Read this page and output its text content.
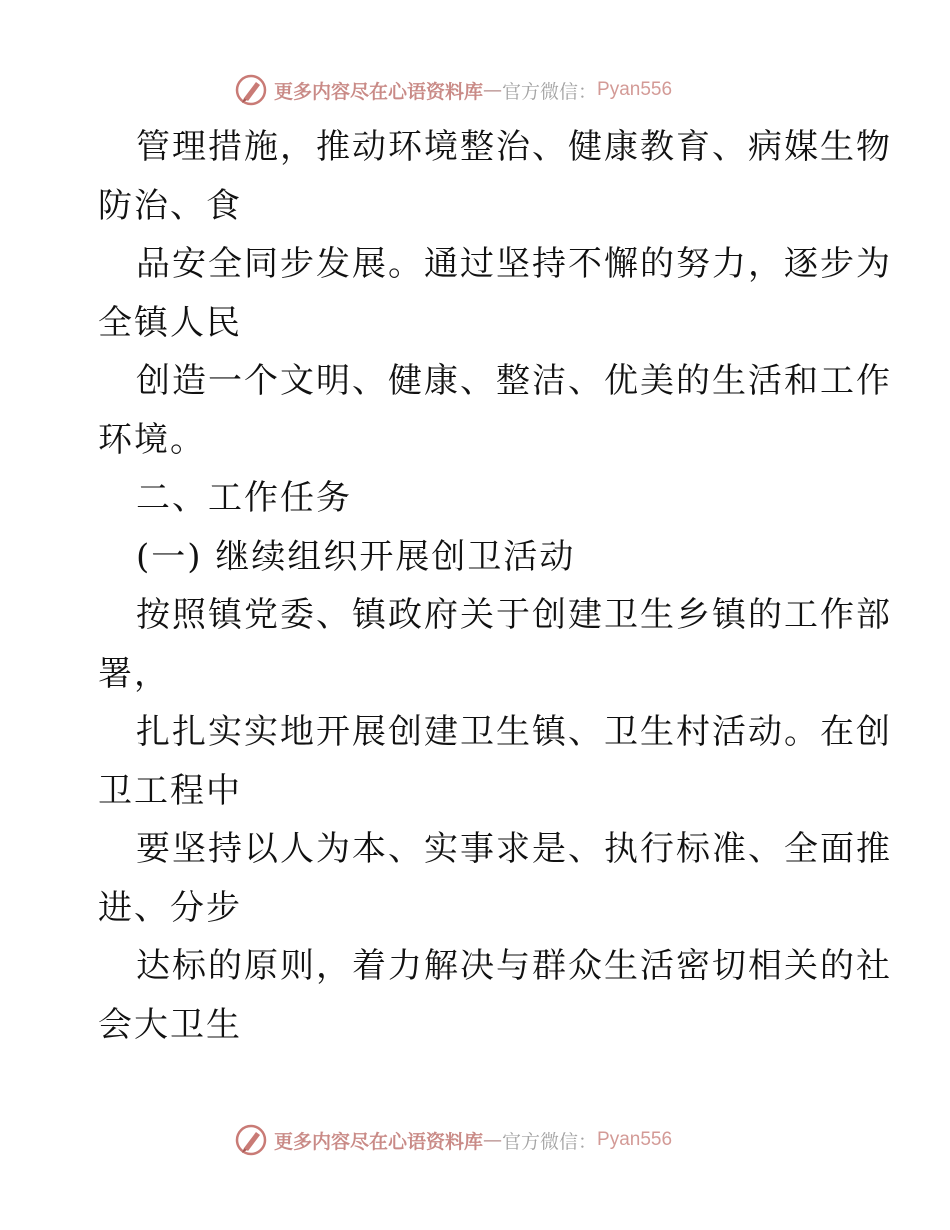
更多内容尽在心语资料库 — 官方微信： Pyan556
管理措施，推动环境整治、健康教育、病媒生物
防治、食
品安全同步发展。通过坚持不懈的努力，逐步为
全镇人民
创造一个文明、健康、整洁、优美的生活和工作
环境。
二、工作任务
(一) 继续组织开展创卫活动
按照镇党委、镇政府关于创建卫生乡镇的工作部
署，
扎扎实实地开展创建卫生镇、卫生村活动。在创
卫工程中
要坚持以人为本、实事求是、执行标准、全面推
进、分步
达标的原则，着力解决与群众生活密切相关的社
会大卫生
更多内容尽在心语资料库 — 官方微信： Pyan556
